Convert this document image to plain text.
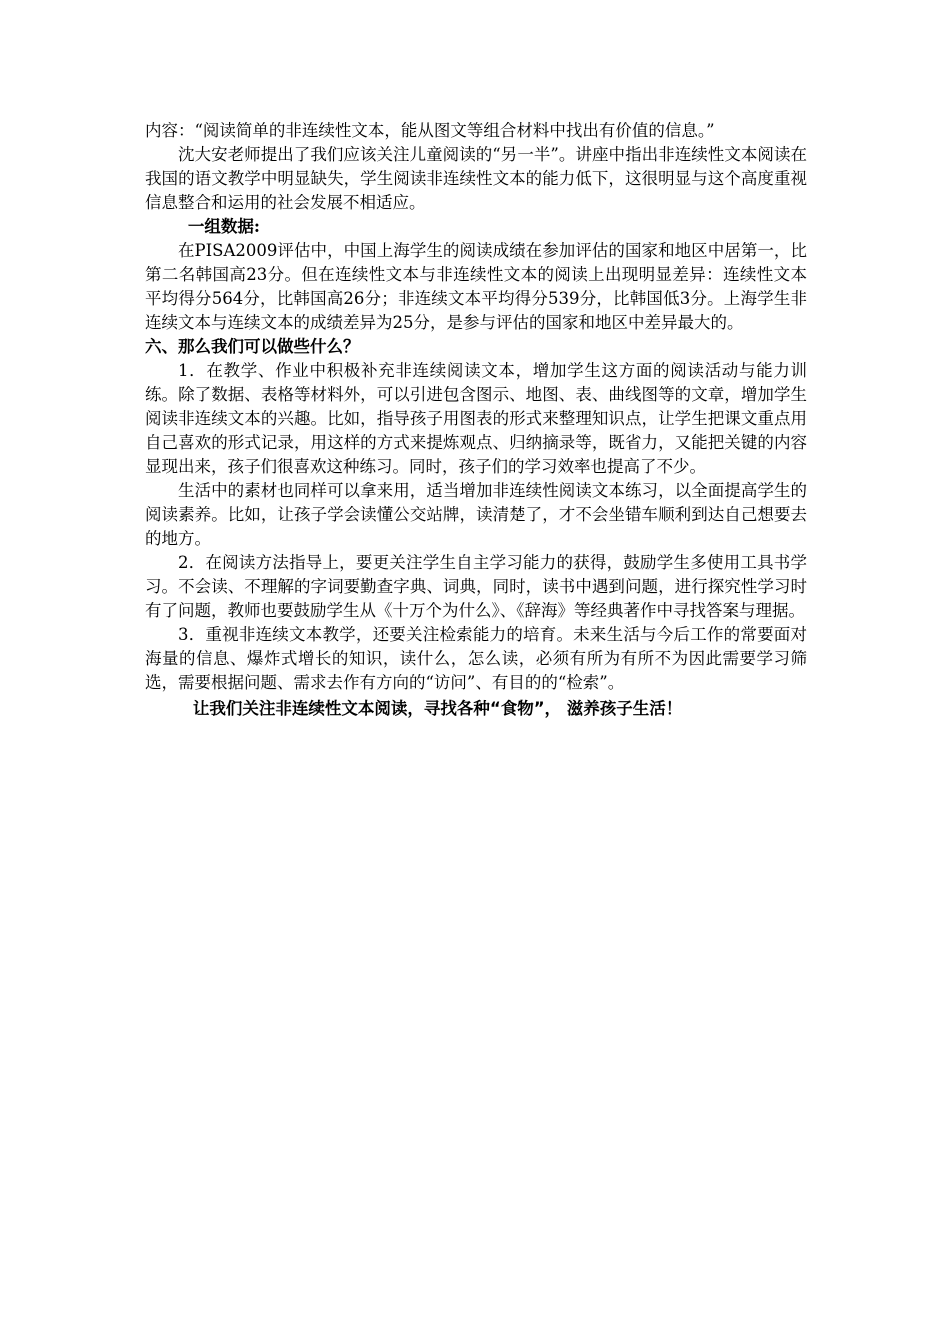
内容：“阅读简单的非连续性文本，能从图文等组合材料中找出有价值的信息。”

沈大安老师提出了我们应该关注儿童阅读的“另一半”。讲座中指出非连续性文本阅读在我国的语文教学中明显缺失，学生阅读非连续性文本的能力低下，这很明显与这个高度重视信息整合和运用的社会发展不相适应。

一组数据:

在PISA2009评估中，中国上海学生的阅读成绩在参加评估的国家和地区中居第一，比第二名韩国高23分。但在连续性文本与非连续性文本的阅读上出现明显差异：连续性文本平均得分564分，比韩国高26分；非连续文本平均得分539分，比韩国低3分。上海学生非连续文本与连续文本的成绩差异为25分，是参与评估的国家和地区中差异最大的。

六、那么我们可以做些什么？

1．在教学、作业中积极补充非连续阅读文本，增加学生这方面的阅读活动与能力训练。除了数据、表格等材料外，可以引进包含图示、地图、表、曲线图等的文章，增加学生阅读非连续文本的兴趣。比如，指导孩子用图表的形式来整理知识点，让学生把课文重点用自己喜欢的形式记录，用这样的方式来提炼观点、归纳摘录等，既省力，又能把关键的内容显现出来，孩子们很喜欢这种练习。同时，孩子们的学习效率也提高了不少。

生活中的素材也同样可以拿来用，适当增加非连续性阅读文本练习，以全面提高学生的阅读素养。比如，让孩子学会读懂公交站牌，读清楚了，才不会坐错车顺利到达自己想要去的地方。

2．在阅读方法指导上，要更关注学生自主学习能力的获得，鼓励学生多使用工具书学习。不会读、不理解的字词要勤查字典、词典，同时，读书中遇到问题，进行探究性学习时有了问题，教师也要鼓励学生从《十万个为什么》、《辞海》等经典著作中寻找答案与理据。

3．重视非连续文本教学，还要关注检索能力的培育。未来生活与今后工作的常要面对海量的信息、爆炸式增长的知识，读什么，怎么读，必须有所为有所不为因此需要学习筛选，需要根据问题、需求去作有方向的“访问”、有目的的“检索”。

让我们关注非连续性文本阅读，寻找各种“食物”， 滋养孩子生活！
